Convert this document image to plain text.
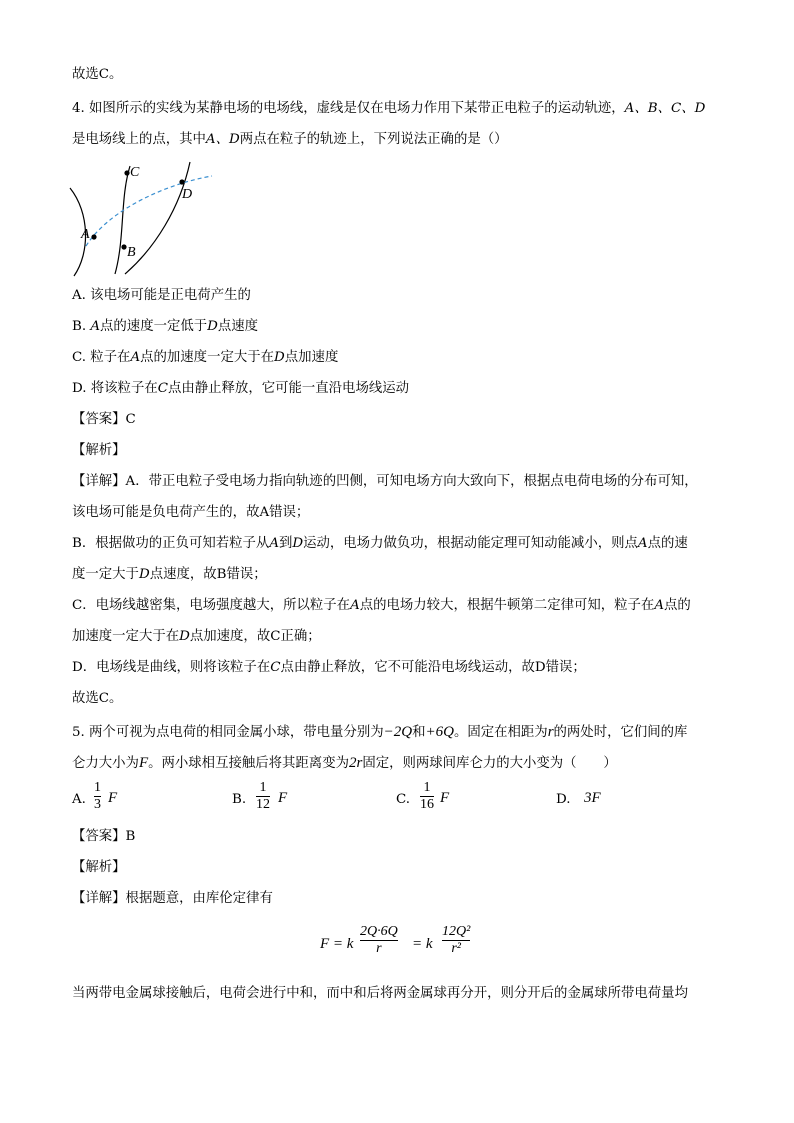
故选C。
4. 如图所示的实线为某静电场的电场线，虚线是仅在电场力作用下某带正电粒子的运动轨迹，A、B、C、D
是电场线上的点，其中A、D两点在粒子的轨迹上，下列说法正确的是（）
A
B
C
D
A. 该电场可能是正电荷产生的
B. A点的速度一定低于D点速度
C. 粒子在A点的加速度一定大于在D点加速度
D. 将该粒子在C点由静止释放，它可能一直沿电场线运动
【答案】C
【解析】
【详解】A．带正电粒子受电场力指向轨迹的凹侧，可知电场方向大致向下，根据点电荷电场的分布可知，
该电场可能是负电荷产生的，故A错误；
B．根据做功的正负可知若粒子从A到D运动，电场力做负功，根据动能定理可知动能减小，则点A点的速
度一定大于D点速度，故B错误；
C．电场线越密集，电场强度越大，所以粒子在A点的电场力较大，根据牛顿第二定律可知，粒子在A点的
加速度一定大于在D点加速度，故C正确；
D．电场线是曲线，则将该粒子在C点由静止释放，它不可能沿电场线运动，故D错误；
故选C。
5. 两个可视为点电荷的相同金属小球，带电量分别为−2Q和+6Q。固定在相距为r的两处时，它们间的库
仑力大小为F。两小球相互接触后将其距离变为2r固定，则两球间库仑力的大小变为（　　）
A.
1
3 F	B.
1
12 F	C.
1
16 F	D. 3F
【答案】B
【解析】
【详解】根据题意，由库伦定律有
F = k
2Q·6Q
r	= k
12Q²
r²
当两带电金属球接触后，电荷会进行中和，而中和后将两金属球再分开，则分开后的金属球所带电荷量均
